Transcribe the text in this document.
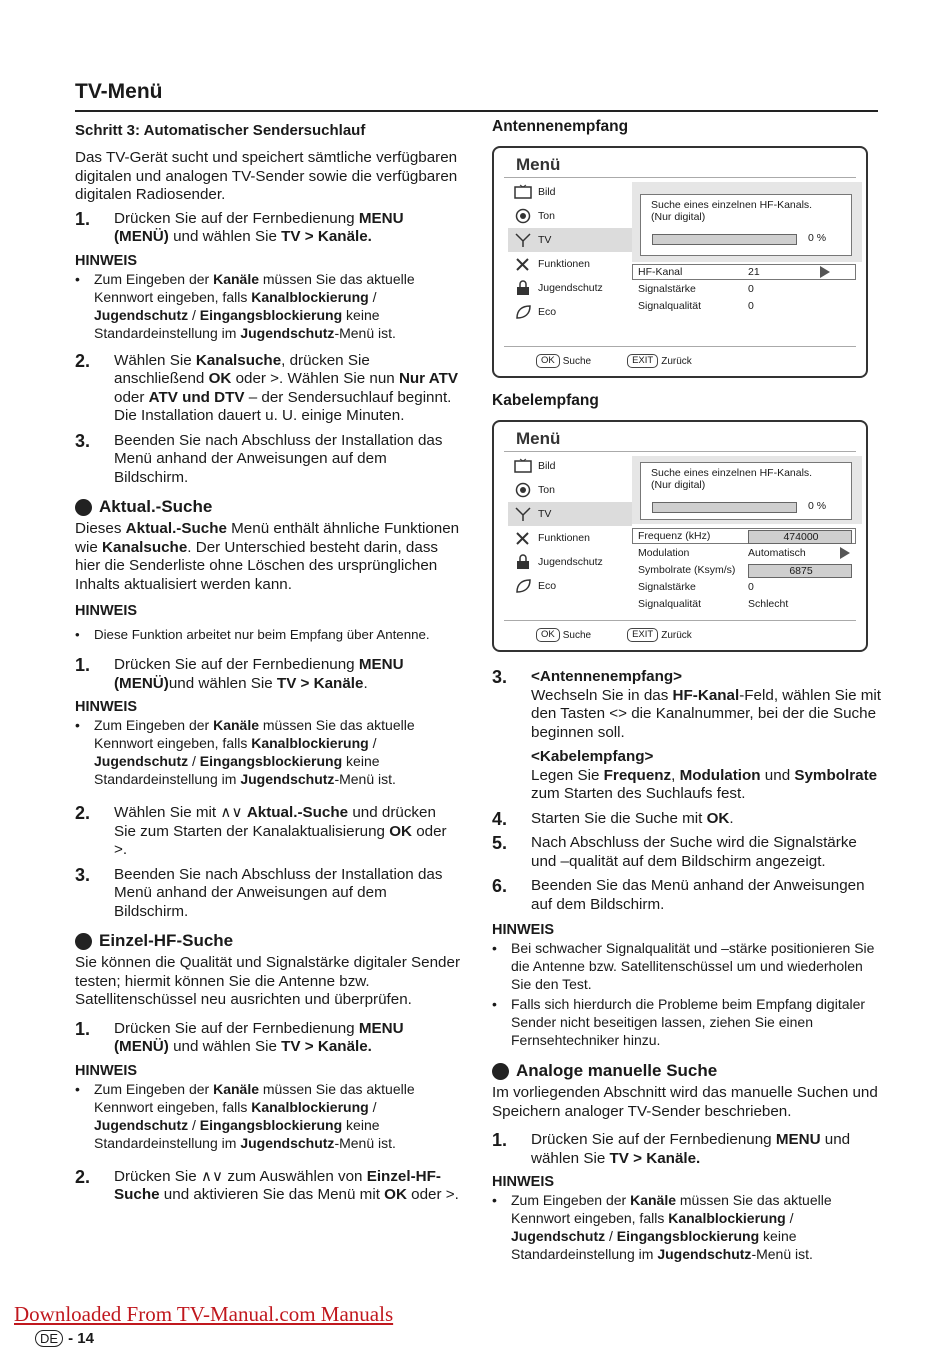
TV-Menü
Schritt 3: Automatischer Sendersuchlauf

Das TV-Gerät sucht und speichert sämtliche verfügbaren digitalen und analogen TV-Sender sowie die verfügbaren digitalen Radiosender.

1.	Drücken Sie auf der Fernbedienung MENU (MENÜ) und wählen Sie TV > Kanäle.
HINWEIS
•	Zum Eingeben der Kanäle müssen Sie das aktuelle Kennwort eingeben, falls Kanalblockierung / Jugendschutz / Eingangsblockierung keine Standardeinstellung im Jugendschutz-Menü ist.
2.	Wählen Sie Kanalsuche, drücken Sie anschließend OK oder >. Wählen Sie nun Nur ATV oder ATV und DTV – der Sendersuchlauf beginnt. Die Installation dauert u. U. einige Minuten.
3.	Beenden Sie nach Abschluss der Installation das Menü anhand der Anweisungen auf dem Bildschirm.
Aktual.-Suche

Dieses Aktual.-Suche Menü enthält ähnliche Funktionen wie Kanalsuche. Der Unterschied besteht darin, dass hier die Senderliste ohne Löschen des ursprünglichen Inhalts aktualisiert werden kann.

HINWEIS
•	Diese Funktion arbeitet nur beim Empfang über Antenne.
1.	Drücken Sie auf der Fernbedienung MENU (MENÜ)und wählen Sie TV > Kanäle.
HINWEIS
•	Zum Eingeben der Kanäle müssen Sie das aktuelle Kennwort eingeben, falls Kanalblockierung / Jugendschutz / Eingangsblockierung keine Standardeinstellung im Jugendschutz-Menü ist.
2.	Wählen Sie mit ∧∨ Aktual.-Suche und drücken Sie zum Starten der Kanalaktualisierung OK oder >.
3.	Beenden Sie nach Abschluss der Installation das Menü anhand der Anweisungen auf dem Bildschirm.
Einzel-HF-Suche

Sie können die Qualität und Signalstärke digitaler Sender testen; hiermit können Sie die Antenne bzw. Satellitenschüssel neu ausrichten und überprüfen.

1.	Drücken Sie auf der Fernbedienung MENU (MENÜ) und wählen Sie TV > Kanäle.
HINWEIS
•	Zum Eingeben der Kanäle müssen Sie das aktuelle Kennwort eingeben, falls Kanalblockierung / Jugendschutz / Eingangsblockierung keine Standardeinstellung im Jugendschutz-Menü ist.
2.	Drücken Sie ∧∨ zum Auswählen von Einzel-HF-Suche und aktivieren Sie das Menü mit OK oder >.
Antennenempfang
Menü
Bild
Ton
TV
Funktionen
Jugendschutz
Eco
Suche eines einzelnen HF-Kanals.
(Nur digital)
0 %
HF-Kanal	21
Signalstärke	0
Signalqualität	0
OK Suche	EXIT Zurück
Kabelempfang
Menü
Bild
Ton
TV
Funktionen
Jugendschutz
Eco
Suche eines einzelnen HF-Kanals.
(Nur digital)
0 %
Frequenz (kHz)	474000
Modulation	Automatisch
Symbolrate (Ksym/s)	6875
Signalstärke	0
Signalqualität	Schlecht
OK Suche	EXIT Zurück
3.	<Antennenempfang>
Wechseln Sie in das HF-Kanal-Feld, wählen Sie mit den Tasten <> die Kanalnummer, bei der die Suche beginnen soll.
<Kabelempfang>
Legen Sie Frequenz, Modulation und Symbolrate zum Starten des Suchlaufs fest.
4.	Starten Sie die Suche mit OK.
5.	Nach Abschluss der Suche wird die Signalstärke und –qualität auf dem Bildschirm angezeigt.
6.	Beenden Sie das Menü anhand der Anweisungen auf dem Bildschirm.
HINWEIS
•	Bei schwacher Signalqualität und –stärke positionieren Sie die Antenne bzw. Satellitenschüssel um und wiederholen Sie den Test.
•	Falls sich hierdurch die Probleme beim Empfang digitaler Sender nicht beseitigen lassen, ziehen Sie einen Fernsehtechniker hinzu.
Analoge manuelle Suche

Im vorliegenden Abschnitt wird das manuelle Suchen und Speichern analoger TV-Sender beschrieben.

1.	Drücken Sie auf der Fernbedienung MENU und wählen Sie TV > Kanäle.
HINWEIS
•	Zum Eingeben der Kanäle müssen Sie das aktuelle Kennwort eingeben, falls Kanalblockierung / Jugendschutz / Eingangsblockierung keine Standardeinstellung im Jugendschutz-Menü ist.
Downloaded From TV-Manual.com Manuals
DE - 14
